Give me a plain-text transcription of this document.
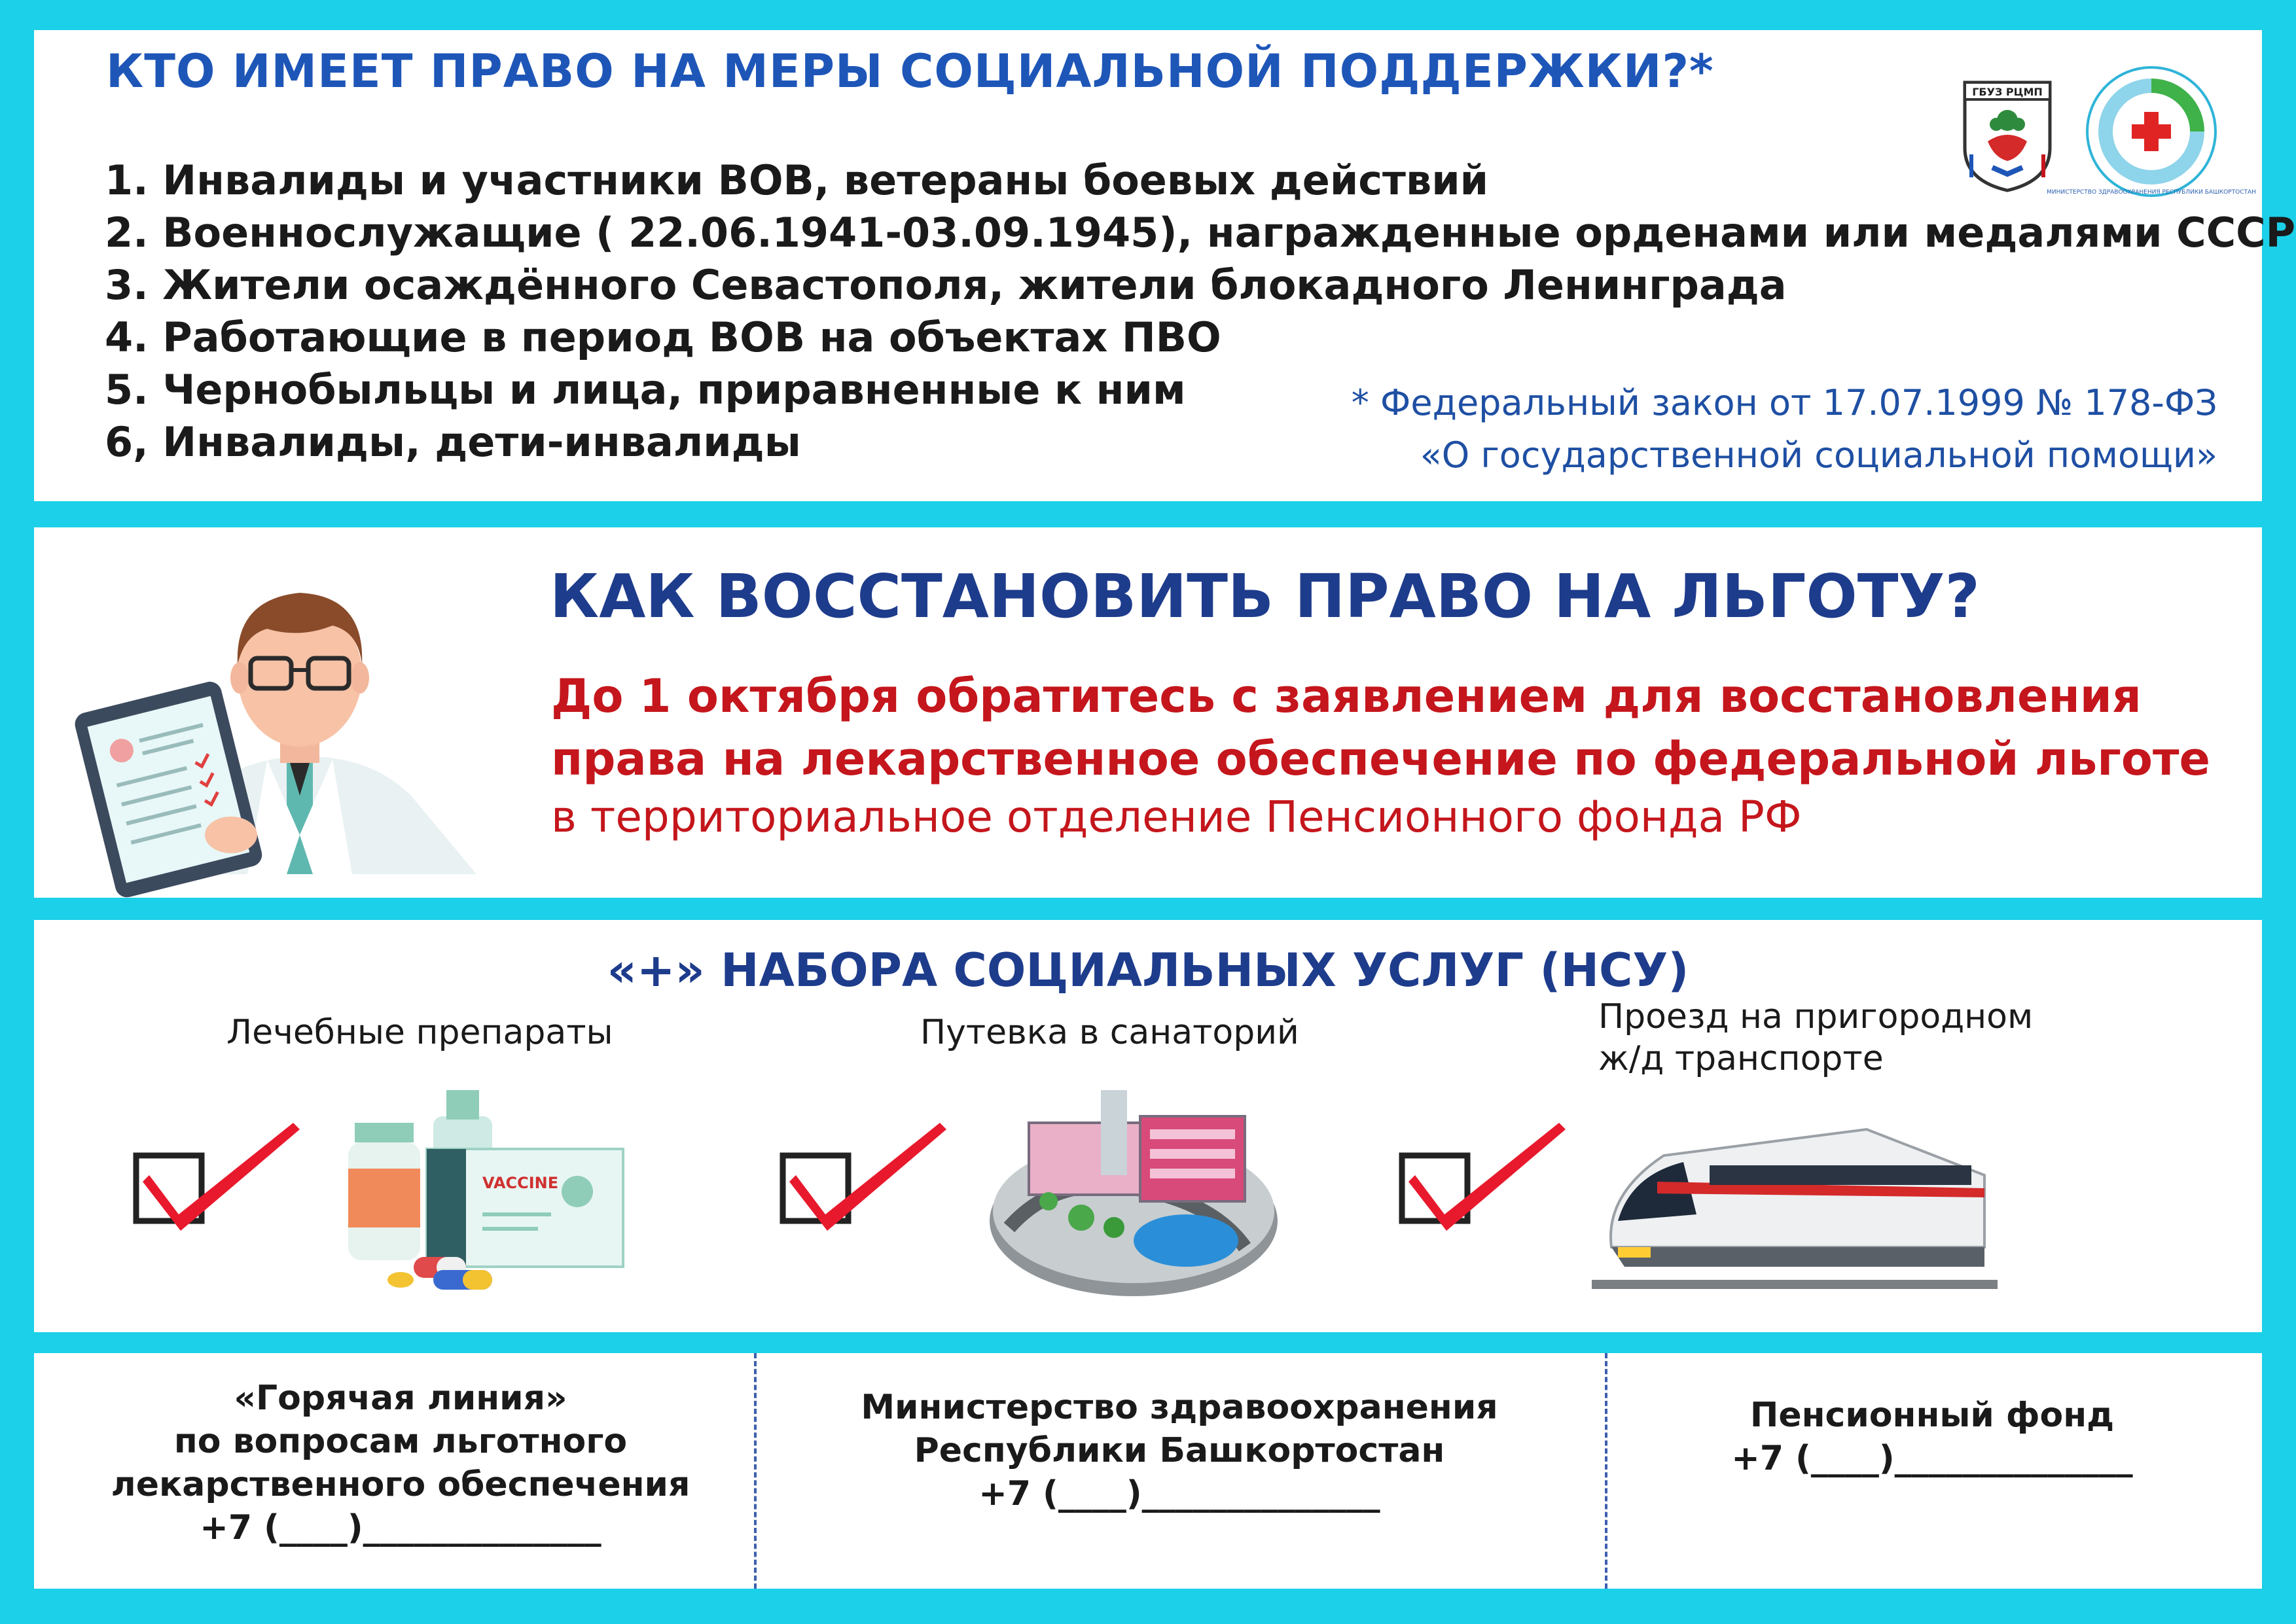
КТО ИМЕЕТ ПРАВО НА МЕРЫ СОЦИАЛЬНОЙ ПОДДЕРЖКИ?*
1. Инвалиды и участники ВОВ, ветераны боевых действий
2. Военнослужащие ( 22.06.1941-03.09.1945), награжденные орденами или медалями СССР
3. Жители осаждённого Севастополя, жители блокадного Ленинграда
4. Работающие в период ВОВ на объектах ПВО
5. Чернобыльцы и лица, приравненные к ним
6, Инвалиды, дети-инвалиды
* Федеральный закон от 17.07.1999 № 178-ФЗ
«О государственной социальной помощи»
ГБУЗ РЦМП
МИНИСТЕРСТВО ЗДРАВООХРАНЕНИЯ РЕСПУБЛИКИ БАШКОРТОСТАН
КАК ВОССТАНОВИТЬ ПРАВО НА ЛЬГОТУ?
До 1 октября обратитесь с заявлением для восстановления
права на лекарственное обеспечение по федеральной льготе
в территориальное отделение Пенсионного фонда РФ
«+» НАБОРА СОЦИАЛЬНЫХ УСЛУГ (НСУ)
Лечебные препараты
VACCINE
Путевка в санаторий	Проезд на пригородном
ж/д транспорте
«Горячая линия»
по вопросам льготного
лекарственного обеспечения
+7 (____)______________
Министерство здравоохранения
Республики Башкортостан
+7 (____)______________
Пенсионный фонд
+7 (____)______________
